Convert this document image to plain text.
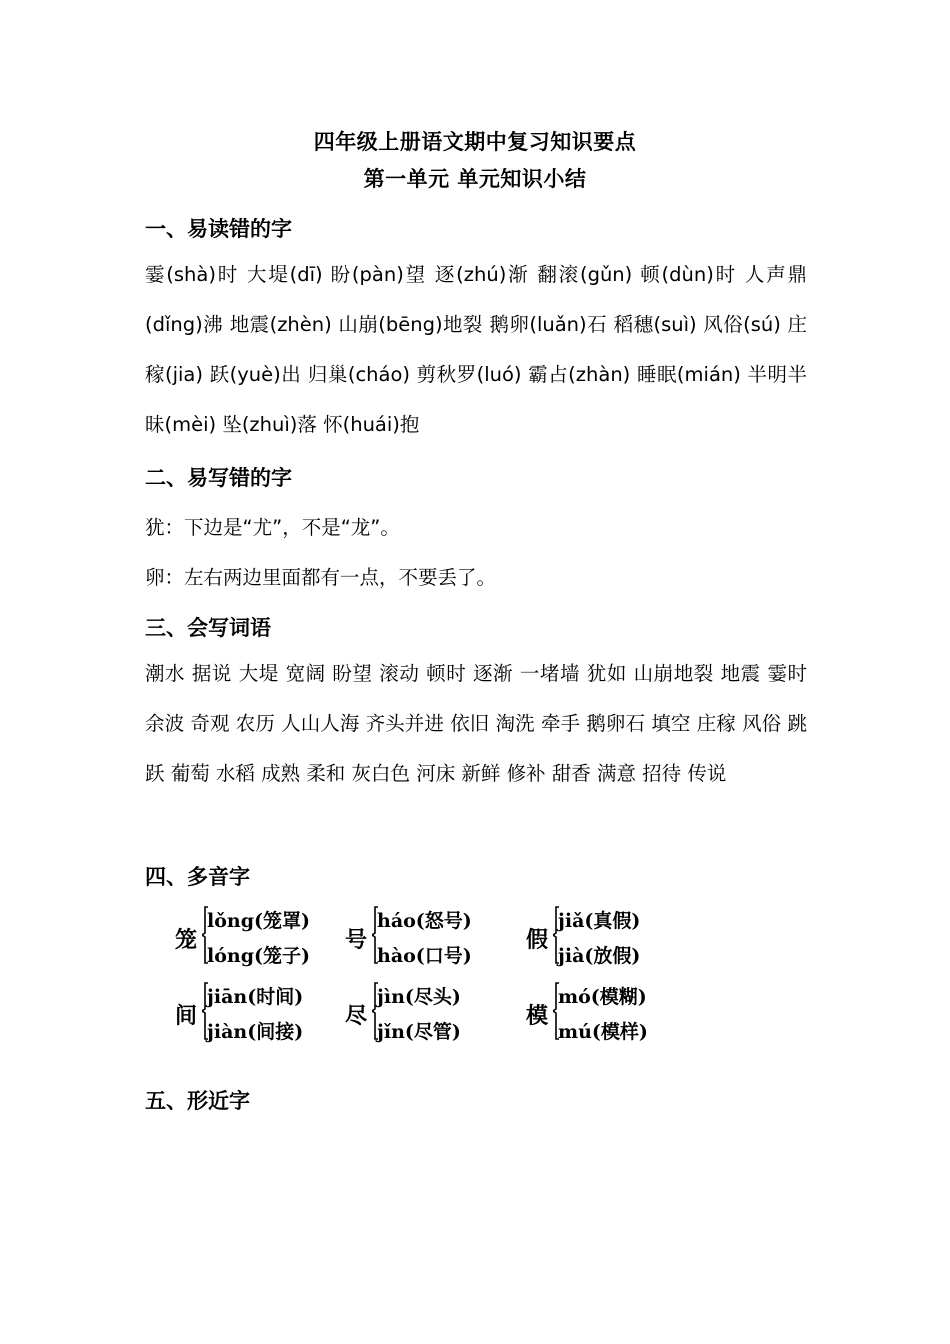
四年级上册语文期中复习知识要点
第一单元 单元知识小结
一、易读错的字

霎(shà)时 大堤(dī) 盼(pàn)望 逐(zhú)渐 翻滚(gǔn) 顿(dùn)时 人声鼎(dǐng)沸 地震(zhèn) 山崩(bēng)地裂 鹅卵(luǎn)石 稻穗(suì) 风俗(sú) 庄稼(jia) 跃(yuè)出 归巢(cháo) 剪秋罗(luó) 霸占(zhàn) 睡眠(mián) 半明半昧(mèi) 坠(zhuì)落 怀(huái)抱

二、易写错的字
犹：下边是“尤”，不是“龙”。
卵：左右两边里面都有一点，不要丢了。
三、会写词语

潮水 据说 大堤 宽阔 盼望 滚动 顿时 逐渐 一堵墙 犹如 山崩地裂 地震 霎时 余波 奇观 农历 人山人海 齐头并进 依旧 淘洗 牵手 鹅卵石 填空 庄稼 风俗 跳跃 葡萄 水稻 成熟 柔和 灰白色 河床 新鲜 修补 甜香 满意 招待 传说

四、多音字
笼
lǒng(笼罩)
lóng(笼子)
号
háo(怒号)
hào(口号)
假
jiǎ(真假)
jià(放假)
间
jiān(时间)
jiàn(间接)
尽
jìn(尽头)
jǐn(尽管)
模
mó(模糊)
mú(模样)
五、形近字
